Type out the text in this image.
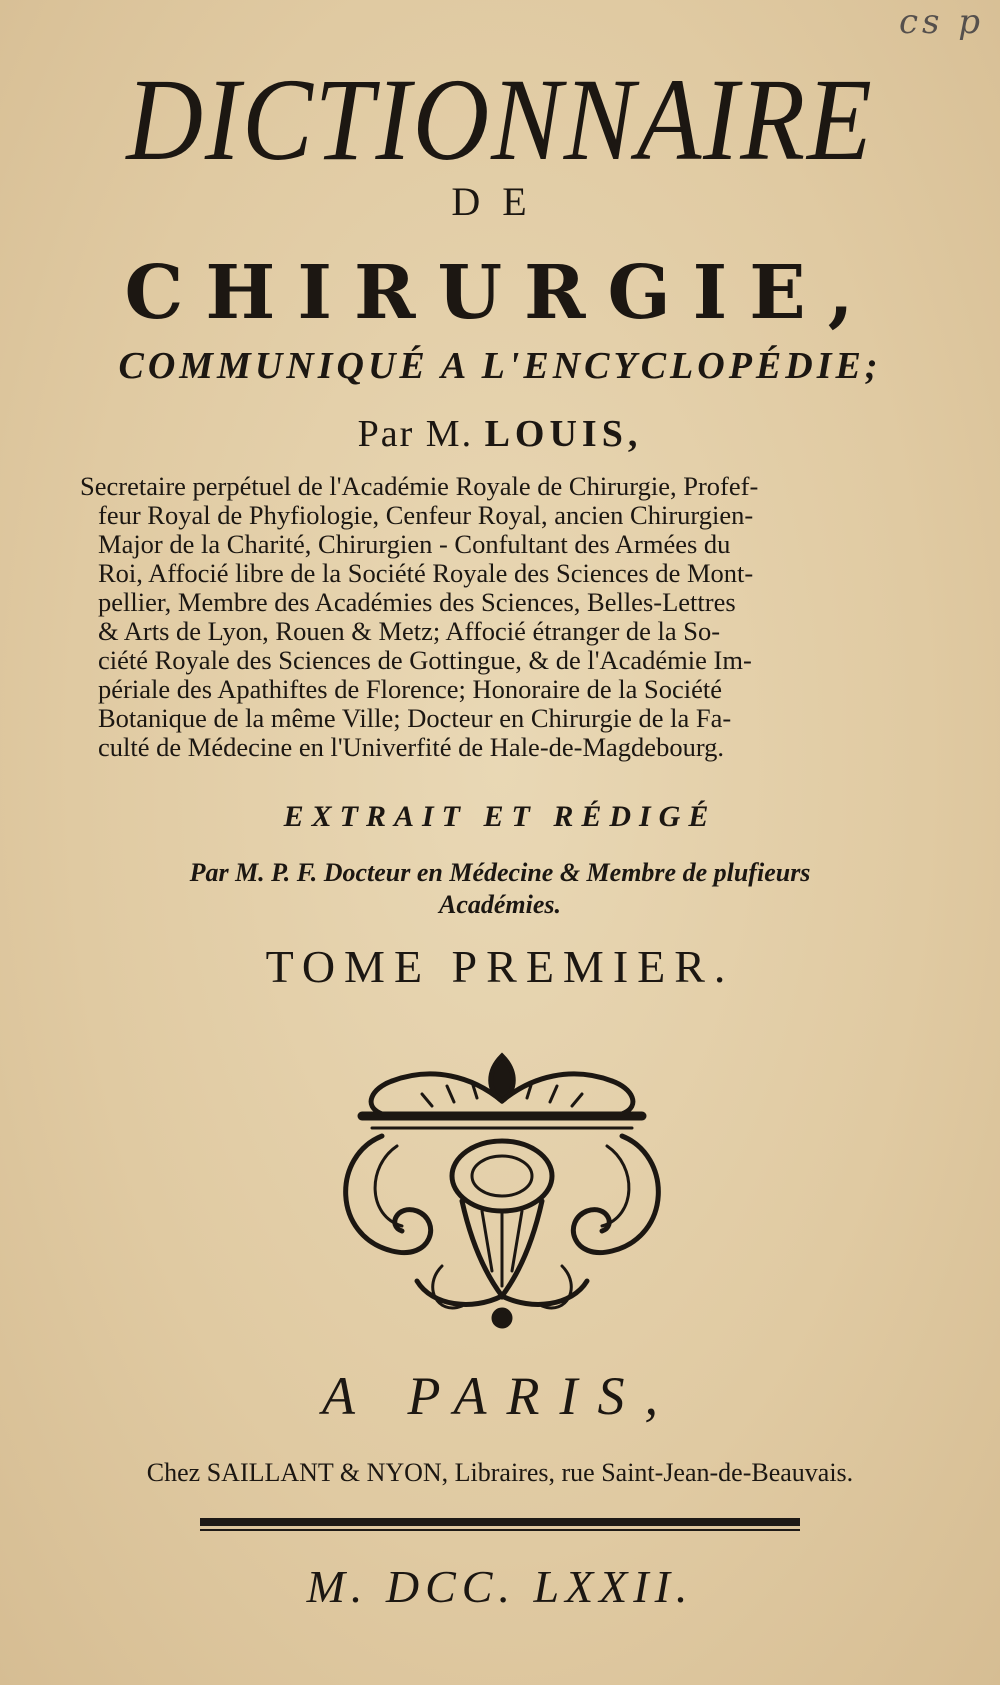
cs p
DICTIONNAIRE
DE
CHIRURGIE,
COMMUNIQUÉ A L'ENCYCLOPÉDIE;
Par M. LOUIS,
Secretaire perpétuel de l'Académie Royale de Chirurgie, Profef-
feur Royal de Phyfiologie, Cenfeur Royal, ancien Chirurgien-
Major de la Charité, Chirurgien - Confultant des Armées du
Roi, Affocié libre de la Société Royale des Sciences de Mont-
pellier, Membre des Académies des Sciences, Belles-Lettres
& Arts de Lyon, Rouen & Metz; Affocié étranger de la So-
ciété Royale des Sciences de Gottingue, & de l'Académie Im-
périale des Apathiftes de Florence; Honoraire de la Société
Botanique de la même Ville; Docteur en Chirurgie de la Fa-
culté de Médecine en l'Univerfité de Hale-de-Magdebourg.
EXTRAIT ET RÉDIGÉ
Par M. P. F. Docteur en Médecine & Membre de plufieurs
Académies.
TOME PREMIER.
A PARIS,
Chez SAILLANT & NYON, Libraires, rue Saint-Jean-de-Beauvais.
M. DCC. LXXII.
